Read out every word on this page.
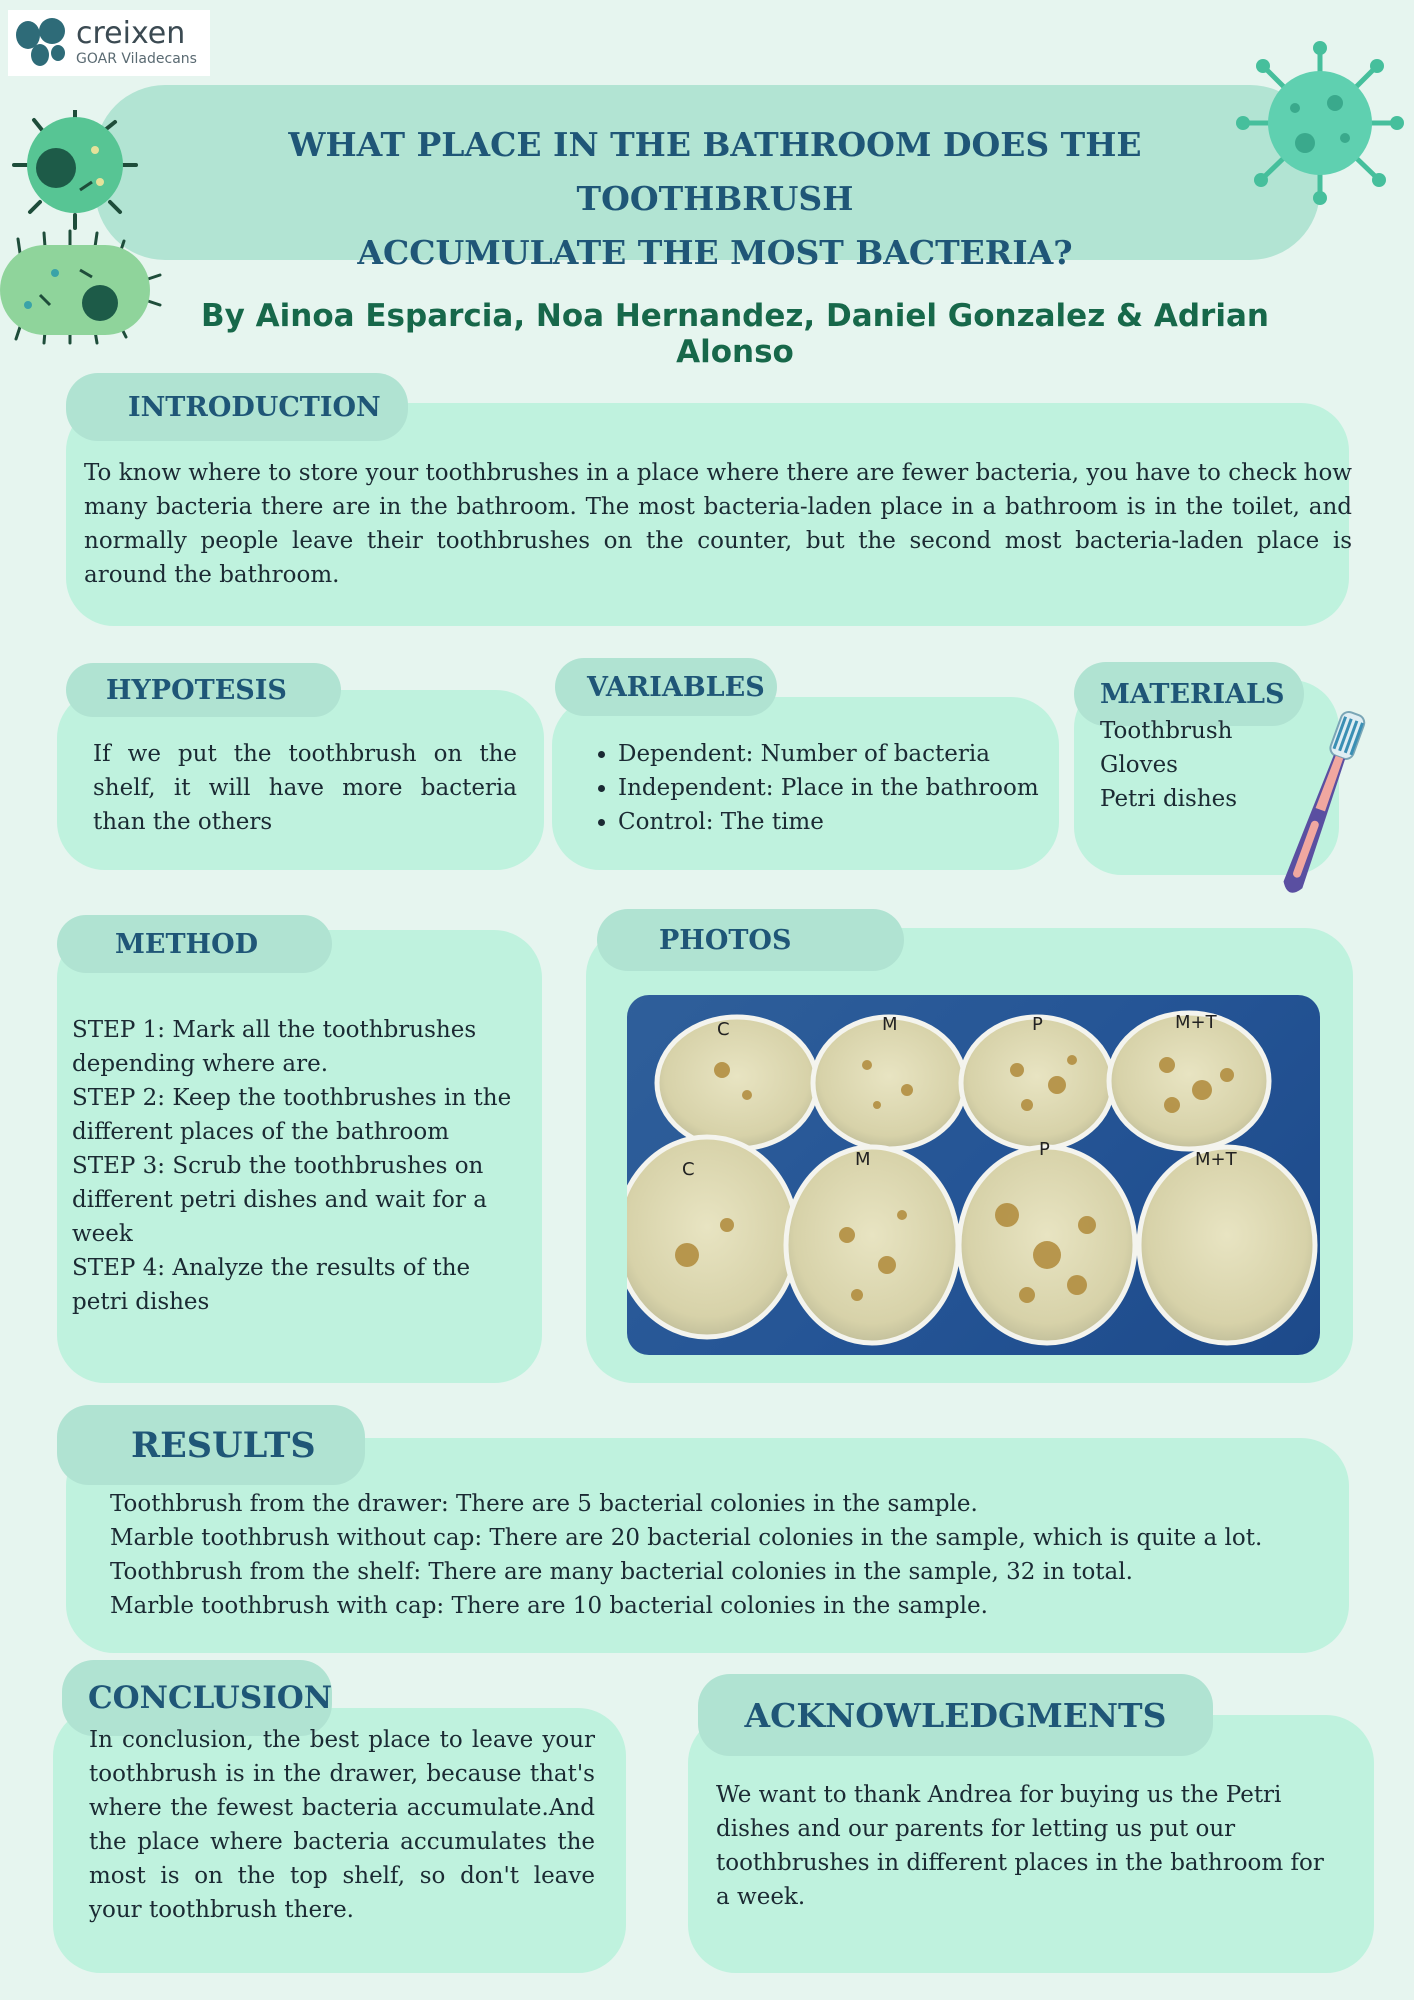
creixen
GOAR Viladecans
WHAT PLACE IN THE BATHROOM DOES THE TOOTHBRUSH
ACCUMULATE THE MOST BACTERIA?
By Ainoa Esparcia, Noa Hernandez, Daniel Gonzalez & Adrian Alonso
INTRODUCTION
To know where to store your toothbrushes in a place where there are fewer bacteria, you have to check how many bacteria there are in the bathroom. The most bacteria-laden place in a bathroom is in the toilet, and normally people leave their toothbrushes on the counter, but the second most bacteria-laden place is around the bathroom.
HYPOTESIS
If we put the toothbrush on the shelf, it will have more bacteria than the others
VARIABLES
• Dependent: Number of bacteria
• Independent: Place in the bathroom
• Control: The time
MATERIALS
Toothbrush
Gloves
Petri dishes
METHOD
STEP 1: Mark all the toothbrushes depending where are.
STEP 2: Keep the toothbrushes in the different places of the bathroom
STEP 3: Scrub the toothbrushes on different petri dishes and wait for a week
STEP 4: Analyze the results of the petri dishes
PHOTOS
C	M	P	M+T
C	M	P	M+T
RESULTS
Toothbrush from the drawer: There are 5 bacterial colonies in the sample.
Marble toothbrush without cap: There are 20 bacterial colonies in the sample, which is quite a lot.
Toothbrush from the shelf: There are many bacterial colonies in the sample, 32 in total.
Marble toothbrush with cap: There are 10 bacterial colonies in the sample.
CONCLUSION
In conclusion, the best place to leave your toothbrush is in the drawer, because that's where the fewest bacteria accumulate.And the place where bacteria accumulates the most is on the top shelf, so don't leave your toothbrush there.
ACKNOWLEDGMENTS
We want to thank Andrea for buying us the Petri dishes and our parents for letting us put our toothbrushes in different places in the bathroom for a week.
